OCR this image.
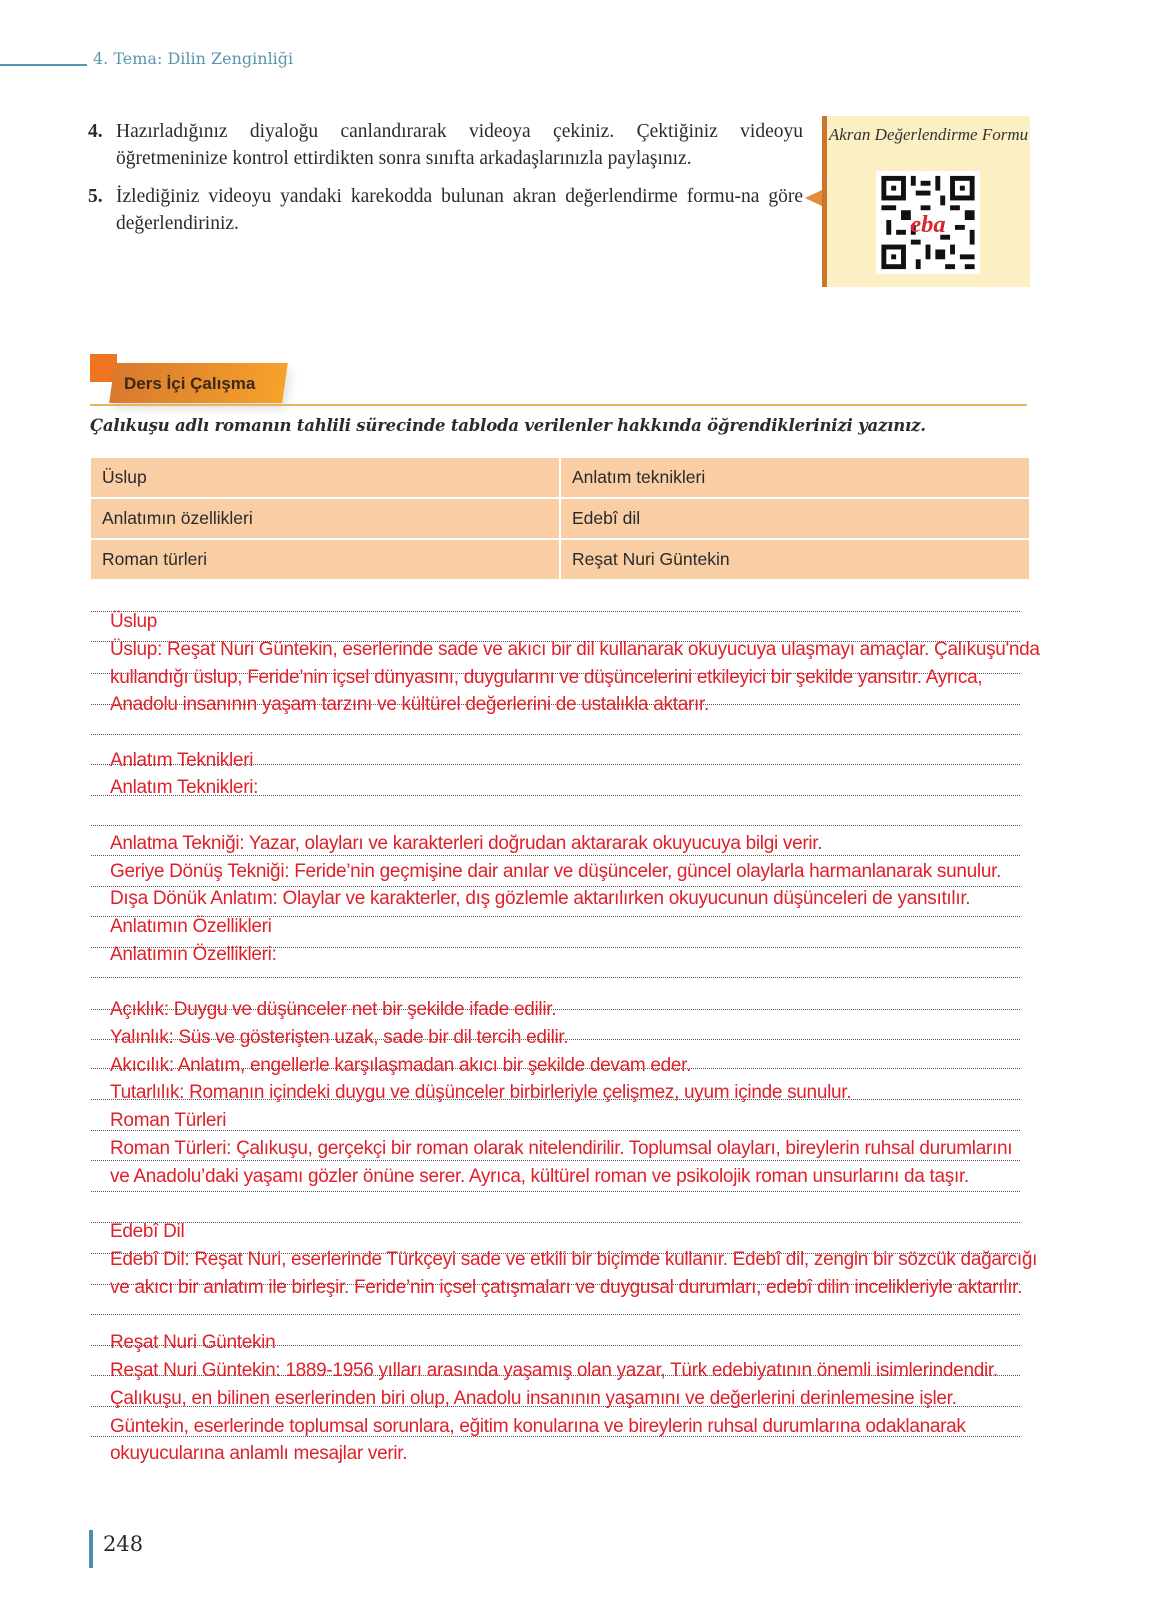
4. Tema: Dilin Zenginliği
4. Hazırladığınız diyaloğu canlandırarak videoya çekiniz. Çektiğiniz videoyu öğretmeninize kontrol ettirdikten sonra sınıfta arkadaşlarınızla paylaşınız.
5. İzlediğiniz videoyu yandaki karekodda bulunan akran değerlendirme formu-na göre değerlendiriniz.
Akran Değerlendirme Formu
eba
Ders İçi Çalışma
Çalıkuşu adlı romanın tahlili sürecinde tabloda verilenler hakkında öğrendiklerinizi yazınız.
Üslup	Anlatım teknikleri
Anlatımın özellikleri	Edebî dil
Roman türleri	Reşat Nuri Güntekin
Üslup
Üslup: Reşat Nuri Güntekin, eserlerinde sade ve akıcı bir dil kullanarak okuyucuya ulaşmayı amaçlar. Çalıkuşu'nda
kullandığı üslup, Feride’nin içsel dünyasını, duygularını ve düşüncelerini etkileyici bir şekilde yansıtır. Ayrıca,
Anadolu insanının yaşam tarzını ve kültürel değerlerini de ustalıkla aktarır.
Anlatım Teknikleri
Anlatım Teknikleri:
Anlatma Tekniği: Yazar, olayları ve karakterleri doğrudan aktararak okuyucuya bilgi verir.
Geriye Dönüş Tekniği: Feride’nin geçmişine dair anılar ve düşünceler, güncel olaylarla harmanlanarak sunulur.
Dışa Dönük Anlatım: Olaylar ve karakterler, dış gözlemle aktarılırken okuyucunun düşünceleri de yansıtılır.
Anlatımın Özellikleri
Anlatımın Özellikleri:
Açıklık: Duygu ve düşünceler net bir şekilde ifade edilir.
Yalınlık: Süs ve gösterişten uzak, sade bir dil tercih edilir.
Akıcılık: Anlatım, engellerle karşılaşmadan akıcı bir şekilde devam eder.
Tutarlılık: Romanın içindeki duygu ve düşünceler birbirleriyle çelişmez, uyum içinde sunulur.
Roman Türleri
Roman Türleri: Çalıkuşu, gerçekçi bir roman olarak nitelendirilir. Toplumsal olayları, bireylerin ruhsal durumlarını
ve Anadolu’daki yaşamı gözler önüne serer. Ayrıca, kültürel roman ve psikolojik roman unsurlarını da taşır.
Edebî Dil
Edebî Dil: Reşat Nuri, eserlerinde Türkçeyi sade ve etkili bir biçimde kullanır. Edebî dil, zengin bir sözcük dağarcığı
ve akıcı bir anlatım ile birleşir. Feride’nin içsel çatışmaları ve duygusal durumları, edebî dilin incelikleriyle aktarılır.
Reşat Nuri Güntekin
Reşat Nuri Güntekin: 1889-1956 yılları arasında yaşamış olan yazar, Türk edebiyatının önemli isimlerindendir.
Çalıkuşu, en bilinen eserlerinden biri olup, Anadolu insanının yaşamını ve değerlerini derinlemesine işler.
Güntekin, eserlerinde toplumsal sorunlara, eğitim konularına ve bireylerin ruhsal durumlarına odaklanarak
okuyucularına anlamlı mesajlar verir.
248
